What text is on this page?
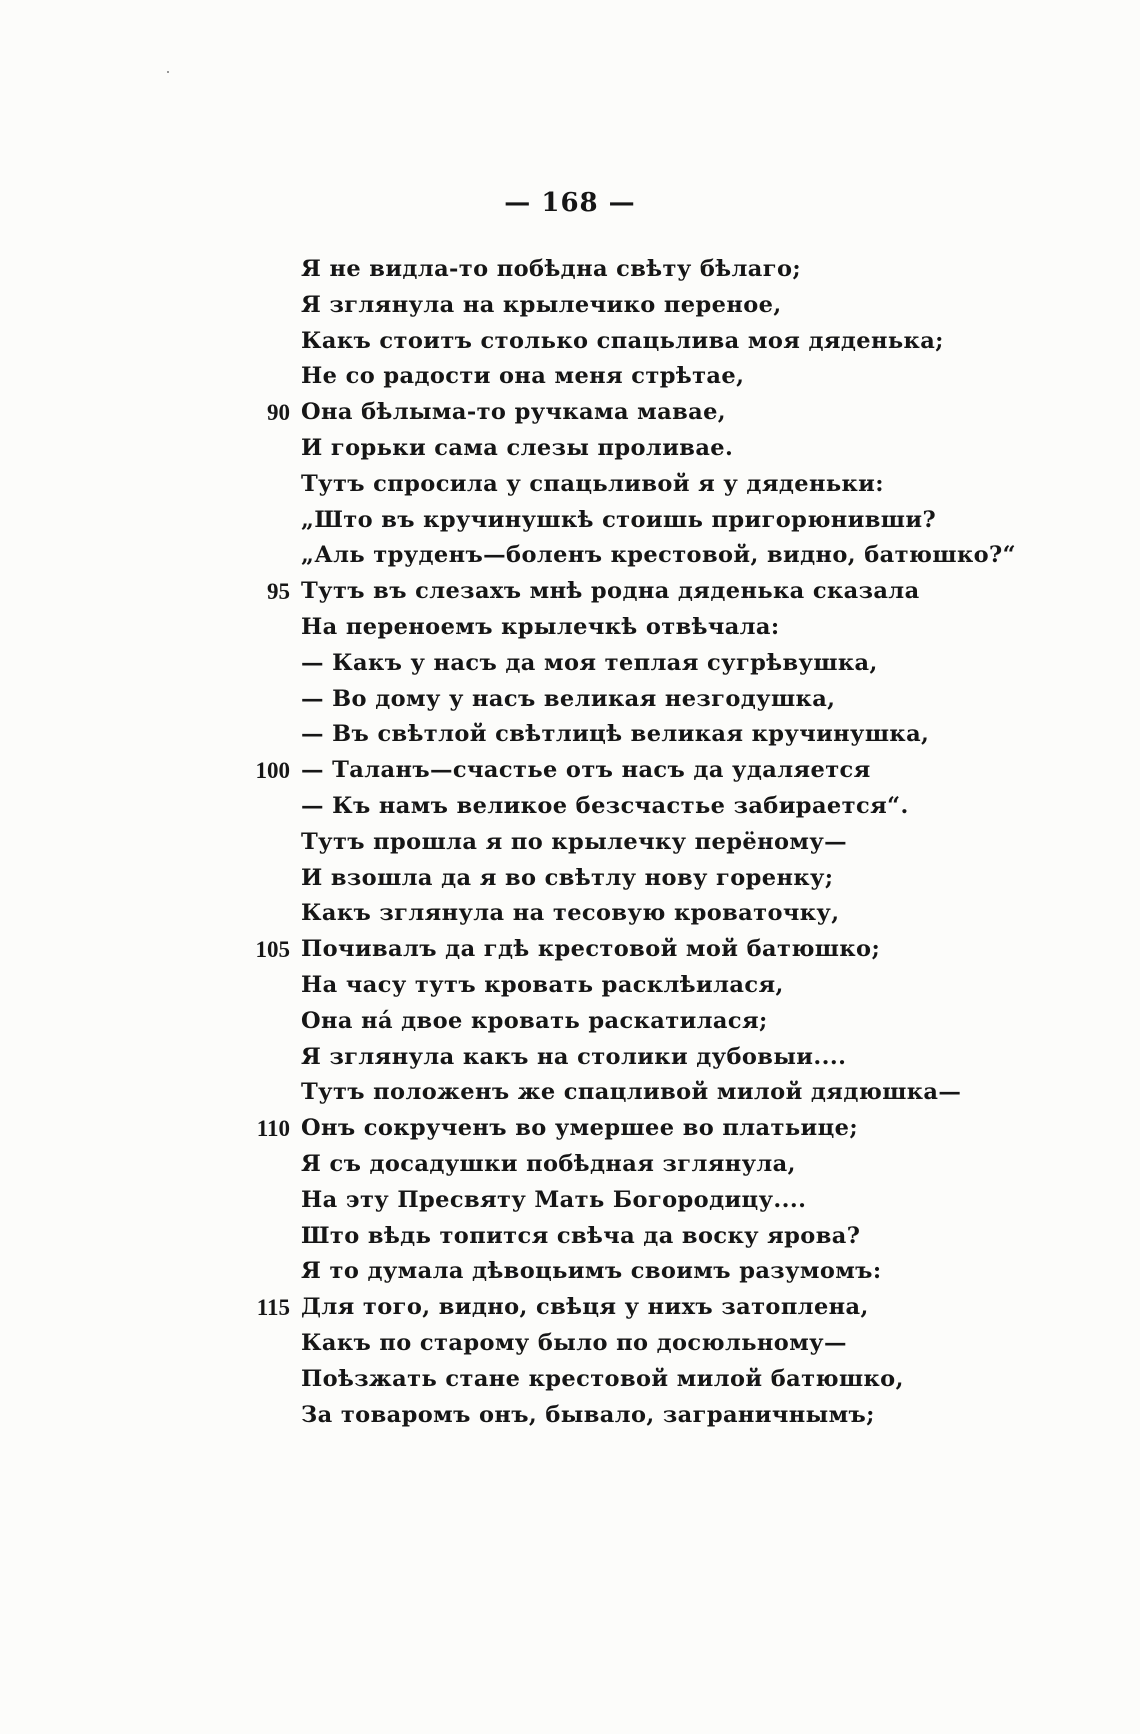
— 168 —
Я не видла-то побѣдна свѣту бѣлаго;
Я зглянула на крылечико переное,
Какъ стоитъ столько спацьлива моя дяденька;
Не со радости она меня стрѣтае,
90 Она бѣлыма-то ручкама мавае,
И горьки сама слезы проливае.
Тутъ спросила у спацьливой я у дяденьки:
„Што въ кручинушкѣ стоишь пригорюнивши?
„Аль труденъ—боленъ крестовой, видно, батюшко?“
95 Тутъ въ слезахъ мнѣ родна дяденька сказала
На переноемъ крылечкѣ отвѣчала:
— Какъ у насъ да моя теплая сугрѣвушка,
— Во дому у насъ великая незгодушка,
— Въ свѣтлой свѣтлицѣ великая кручинушка,
100 — Таланъ—счастье отъ насъ да удаляется
— Къ намъ великое безсчастье забирается“.
Тутъ прошла я по крылечку перёному—
И взошла да я во свѣтлу нову горенку;
Какъ зглянула на тесовую кроваточку,
105 Почивалъ да гдѣ крестовой мой батюшко;
На часу тутъ кровать расклѣилася,
Она на́ двое кровать раскатилася;
Я зглянула какъ на столики дубовыи....
Тутъ положенъ же спацливой милой дядюшка—
110 Онъ сокрученъ во умершее во платьице;
Я съ досадушки побѣдная зглянула,
На эту Пресвяту Мать Богородицу....
Што вѣдь топится свѣча да воску ярова?
Я то думала дѣвоцьимъ своимъ разумомъ:
115 Для того, видно, свѣця у нихъ затоплена,
Какъ по старому было по досюльному—
Поѣзжать стане крестовой милой батюшко,
За товаромъ онъ, бывало, заграничнымъ;
